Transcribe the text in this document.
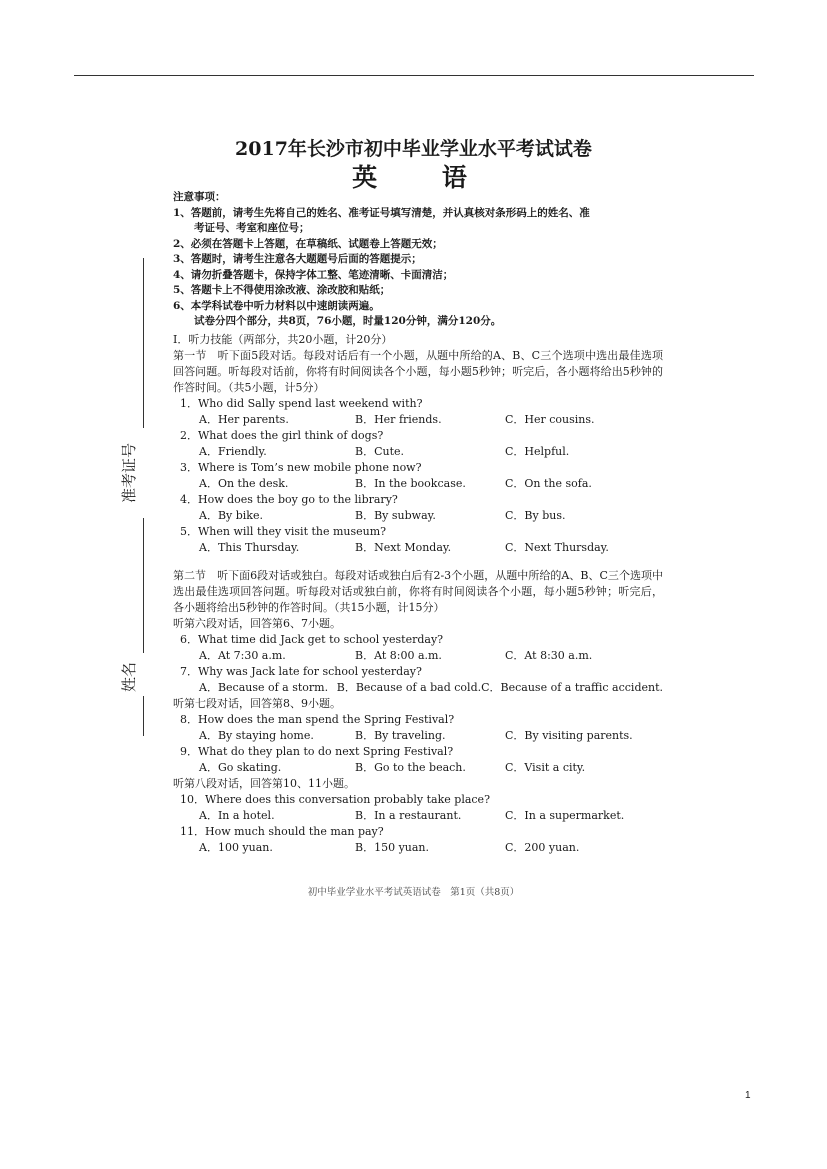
2017年长沙市初中毕业学业水平考试试卷
英 语
注意事项：
1、答题前，请考生先将自己的姓名、准考证号填写清楚，并认真核对条形码上的姓名、准
考证号、考室和座位号；
2、必须在答题卡上答题，在草稿纸、试题卷上答题无效；
3、答题时，请考生注意各大题题号后面的答题提示；
4、请勿折叠答题卡，保持字体工整、笔迹清晰、卡面清洁；
5、答题卡上不得使用涂改液、涂改胶和贴纸；
6、本学科试卷中听力材料以中速朗读两遍。
试卷分四个部分，共8页，76小题，时量120分钟，满分120分。
准考证号
姓名

I．听力技能（两部分，共20小题，计20分）

第一节　听下面5段对话。每段对话后有一个小题，从题中所给的A、B、C三个选项中选出最佳选项回答问题。听每段对话前，你将有时间阅读各个小题，每小题5秒钟；听完后，各小题将给出5秒钟的作答时间。（共5小题，计5分）

1．Who did Sally spend last weekend with?
A．Her parents.	B．Her friends.	C．Her cousins.
2．What does the girl think of dogs?
A．Friendly.	B．Cute.	C．Helpful.
3．Where is Tom’s new mobile phone now?
A．On the desk.	B．In the bookcase.	C．On the sofa.
4．How does the boy go to the library?
A．By bike.	B．By subway.	C．By bus.
5．When will they visit the museum?
A．This Thursday.	B．Next Monday.	C．Next Thursday.

第二节　听下面6段对话或独白。每段对话或独白后有2-3个小题，从题中所给的A、B、C三个选项中选出最佳选项回答问题。听每段对话或独白前，你将有时间阅读各个小题，每小题5秒钟；听完后，各小题将给出5秒钟的作答时间。（共15小题，计15分）

听第六段对话，回答第6、7小题。
6．What time did Jack get to school yesterday?
A．At 7:30 a.m.	B．At 8:00 a.m.	C．At 8:30 a.m.
7．Why was Jack late for school yesterday?
A．Because of a storm. B．Because of a bad cold. C．Because of a traffic accident.
听第七段对话，回答第8、9小题。
8．How does the man spend the Spring Festival?
A．By staying home.	B．By traveling.	C．By visiting parents.
9．What do they plan to do next Spring Festival?
A．Go skating.	B．Go to the beach.	C．Visit a city.
听第八段对话，回答第10、11小题。
10．Where does this conversation probably take place?
A．In a hotel.	B．In a restaurant.	C．In a supermarket.
11．How much should the man pay?
A．100 yuan.	B．150 yuan.	C．200 yuan.
初中毕业学业水平考试英语试卷　第1页（共8页）
1
